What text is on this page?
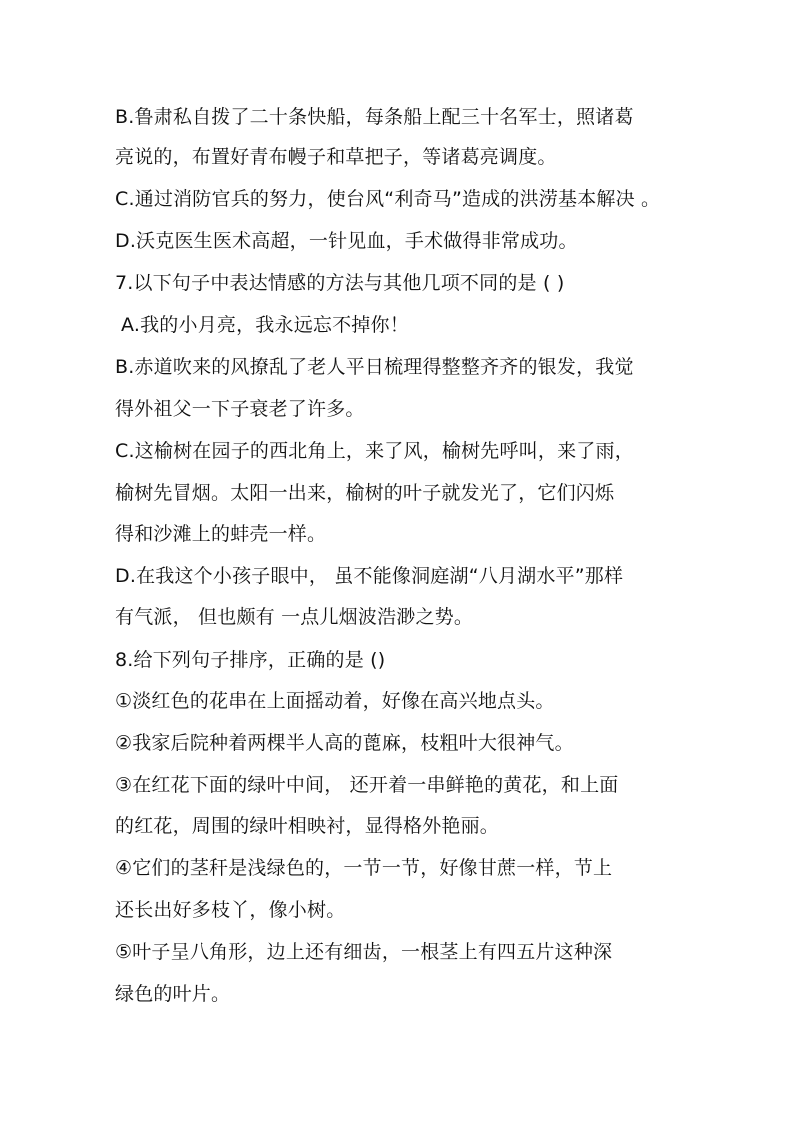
B.鲁肃私自拨了二十条快船，每条船上配三十名军士，照诸葛
亮说的，布置好青布幔子和草把子，等诸葛亮调度。
C.通过消防官兵的努力，使台风“利奇马”造成的洪涝基本解决 。
D.沃克医生医术高超，一针见血，手术做得非常成功。
7.以下句子中表达情感的方法与其他几项不同的是 ( )
A.我的小月亮，我永远忘不掉你！
B.赤道吹来的风撩乱了老人平日梳理得整整齐齐的银发，我觉
得外祖父一下子衰老了许多。
C.这榆树在园子的西北角上，来了风，榆树先呼叫，来了雨，
榆树先冒烟。太阳一出来，榆树的叶子就发光了，它们闪烁
得和沙滩上的蚌壳一样。
D.在我这个小孩子眼中， 虽不能像洞庭湖“八月湖水平”那样
有气派， 但也颇有 一点儿烟波浩渺之势。
8.给下列句子排序，正确的是 ()
①淡红色的花串在上面摇动着，好像在高兴地点头。
②我家后院种着两棵半人高的蓖麻，枝粗叶大很神气。
③在红花下面的绿叶中间， 还开着一串鲜艳的黄花，和上面
的红花，周围的绿叶相映衬，显得格外艳丽。
④它们的茎秆是浅绿色的，一节一节，好像甘蔗一样，节上
还长出好多枝丫，像小树。
⑤叶子呈八角形，边上还有细齿，一根茎上有四五片这种深
绿色的叶片。
